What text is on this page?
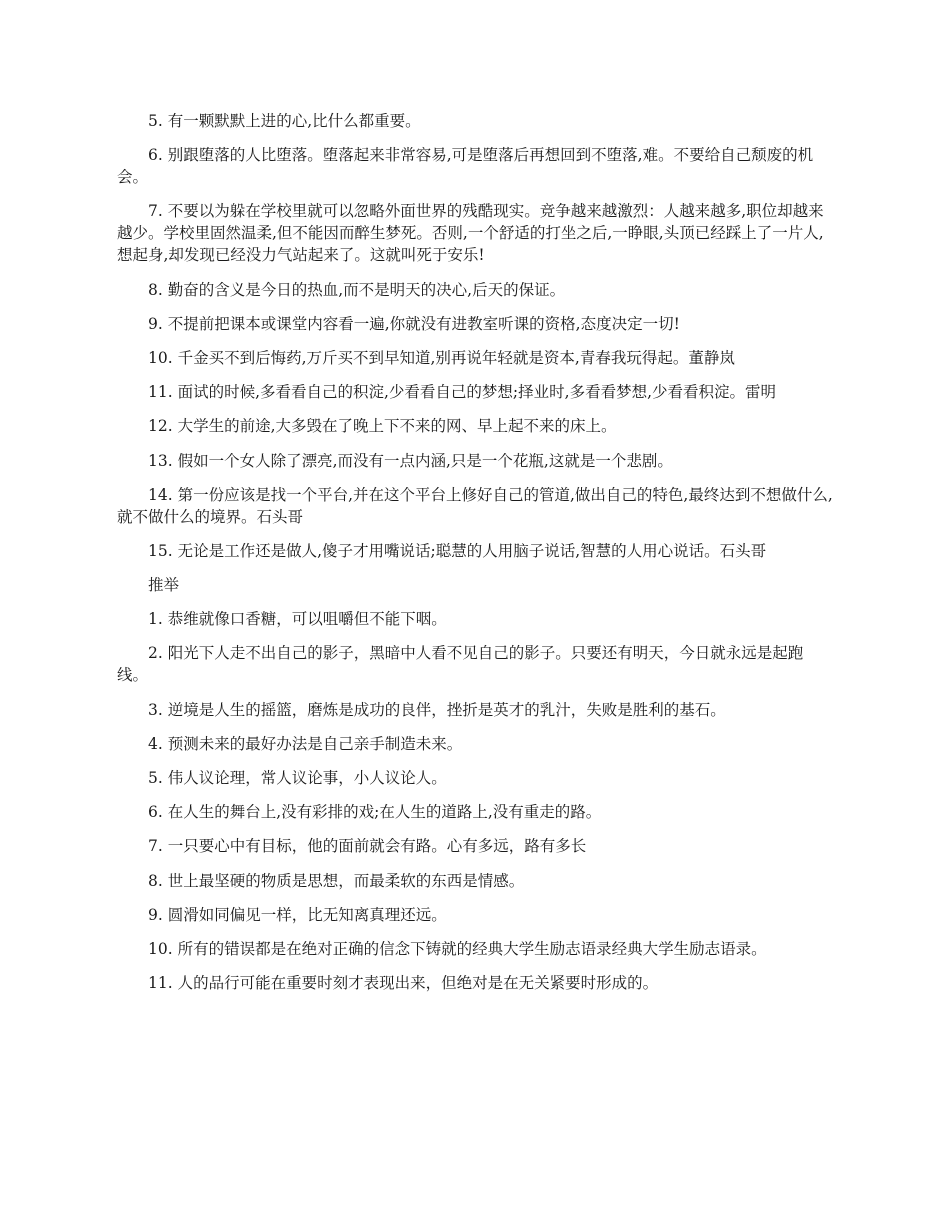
5. 有一颗默默上进的心,比什么都重要。

6. 别跟堕落的人比堕落。堕落起来非常容易,可是堕落后再想回到不堕落,难。不要给自己颓废的机会。

7. 不要以为躲在学校里就可以忽略外面世界的残酷现实。竞争越来越激烈：人越来越多,职位却越来越少。学校里固然温柔,但不能因而醉生梦死。否则,一个舒适的打坐之后,一睁眼,头顶已经踩上了一片人,想起身,却发现已经没力气站起来了。这就叫死于安乐!

8. 勤奋的含义是今日的热血,而不是明天的决心,后天的保证。

9. 不提前把课本或课堂内容看一遍,你就没有进教室听课的资格,态度决定一切!

10. 千金买不到后悔药,万斤买不到早知道,别再说年轻就是资本,青春我玩得起。董静岚

11. 面试的时候,多看看自己的积淀,少看看自己的梦想;择业时,多看看梦想,少看看积淀。雷明

12. 大学生的前途,大多毁在了晚上下不来的网、早上起不来的床上。

13. 假如一个女人除了漂亮,而没有一点内涵,只是一个花瓶,这就是一个悲剧。

14. 第一份应该是找一个平台,并在这个平台上修好自己的管道,做出自己的特色,最终达到不想做什么,就不做什么的境界。石头哥

15. 无论是工作还是做人,傻子才用嘴说话;聪慧的人用脑子说话,智慧的人用心说话。石头哥

推举

1. 恭维就像口香糖，可以咀嚼但不能下咽。

2. 阳光下人走不出自己的影子，黑暗中人看不见自己的影子。只要还有明天，今日就永远是起跑线。

3. 逆境是人生的摇篮，磨炼是成功的良伴，挫折是英才的乳汁，失败是胜利的基石。

4. 预测未来的最好办法是自己亲手制造未来。

5. 伟人议论理，常人议论事，小人议论人。

6. 在人生的舞台上,没有彩排的戏;在人生的道路上,没有重走的路。

7. 一只要心中有目标，他的面前就会有路。心有多远，路有多长

8. 世上最坚硬的物质是思想，而最柔软的东西是情感。

9. 圆滑如同偏见一样，比无知离真理还远。

10. 所有的错误都是在绝对正确的信念下铸就的经典大学生励志语录经典大学生励志语录。

11. 人的品行可能在重要时刻才表现出来，但绝对是在无关紧要时形成的。
